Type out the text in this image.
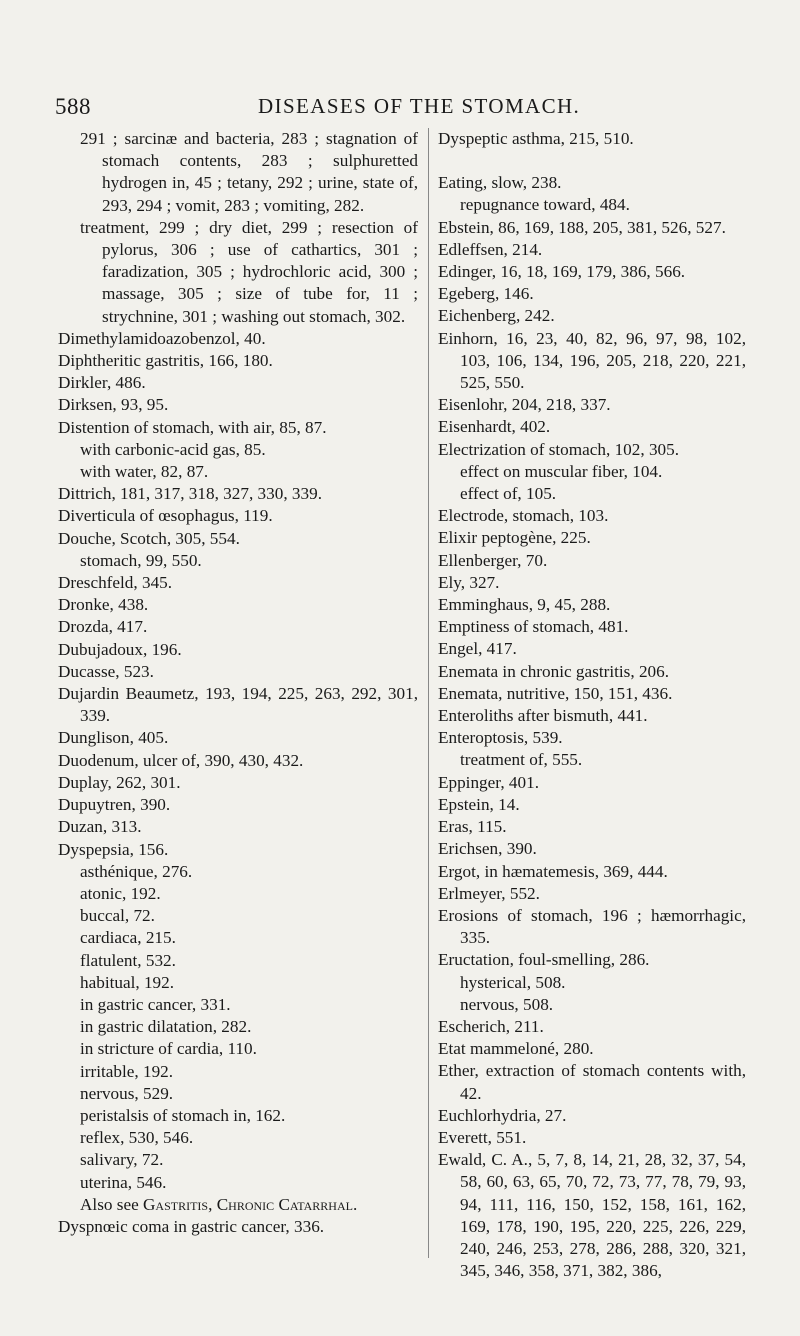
588	DISEASES OF THE STOMACH.
291 ; sarcinæ and bacteria, 283 ; stagnation of stomach contents, 283 ; sulphuretted hydrogen in, 45 ; tetany, 292 ; urine, state of, 293, 294 ; vomit, 283 ; vomiting, 282.
treatment, 299 ; dry diet, 299 ; resection of pylorus, 306 ; use of cathartics, 301 ; faradization, 305 ; hydrochloric acid, 300 ; massage, 305 ; size of tube for, 11 ; strychnine, 301 ; washing out stomach, 302.
Dimethylamidoazobenzol, 40.
Diphtheritic gastritis, 166, 180.
Dirkler, 486.
Dirksen, 93, 95.
Distention of stomach, with air, 85, 87.
with carbonic-acid gas, 85.
with water, 82, 87.
Dittrich, 181, 317, 318, 327, 330, 339.
Diverticula of œsophagus, 119.
Douche, Scotch, 305, 554.
stomach, 99, 550.
Dreschfeld, 345.
Dronke, 438.
Drozda, 417.
Dubujadoux, 196.
Ducasse, 523.
Dujardin Beaumetz, 193, 194, 225, 263, 292, 301, 339.
Dunglison, 405.
Duodenum, ulcer of, 390, 430, 432.
Duplay, 262, 301.
Dupuytren, 390.
Duzan, 313.
Dyspepsia, 156.
asthénique, 276.
atonic, 192.
buccal, 72.
cardiaca, 215.
flatulent, 532.
habitual, 192.
in gastric cancer, 331.
in gastric dilatation, 282.
in stricture of cardia, 110.
irritable, 192.
nervous, 529.
peristalsis of stomach in, 162.
reflex, 530, 546.
salivary, 72.
uterina, 546.
Also see Gastritis, Chronic Catarrhal.
Dyspnœic coma in gastric cancer, 336.
Dyspeptic asthma, 215, 510.
Eating, slow, 238.
repugnance toward, 484.
Ebstein, 86, 169, 188, 205, 381, 526, 527.
Edleffsen, 214.
Edinger, 16, 18, 169, 179, 386, 566.
Egeberg, 146.
Eichenberg, 242.
Einhorn, 16, 23, 40, 82, 96, 97, 98, 102, 103, 106, 134, 196, 205, 218, 220, 221, 525, 550.
Eisenlohr, 204, 218, 337.
Eisenhardt, 402.
Electrization of stomach, 102, 305.
effect on muscular fiber, 104.
effect of, 105.
Electrode, stomach, 103.
Elixir peptogène, 225.
Ellenberger, 70.
Ely, 327.
Emminghaus, 9, 45, 288.
Emptiness of stomach, 481.
Engel, 417.
Enemata in chronic gastritis, 206.
Enemata, nutritive, 150, 151, 436.
Enteroliths after bismuth, 441.
Enteroptosis, 539.
treatment of, 555.
Eppinger, 401.
Epstein, 14.
Eras, 115.
Erichsen, 390.
Ergot, in hæmatemesis, 369, 444.
Erlmeyer, 552.
Erosions of stomach, 196 ; hæmorrhagic, 335.
Eructation, foul-smelling, 286.
hysterical, 508.
nervous, 508.
Escherich, 211.
Etat mammeloné, 280.
Ether, extraction of stomach contents with, 42.
Euchlorhydria, 27.
Everett, 551.
Ewald, C. A., 5, 7, 8, 14, 21, 28, 32, 37, 54, 58, 60, 63, 65, 70, 72, 73, 77, 78, 79, 93, 94, 111, 116, 150, 152, 158, 161, 162, 169, 178, 190, 195, 220, 225, 226, 229, 240, 246, 253, 278, 286, 288, 320, 321, 345, 346, 358, 371, 382, 386,
